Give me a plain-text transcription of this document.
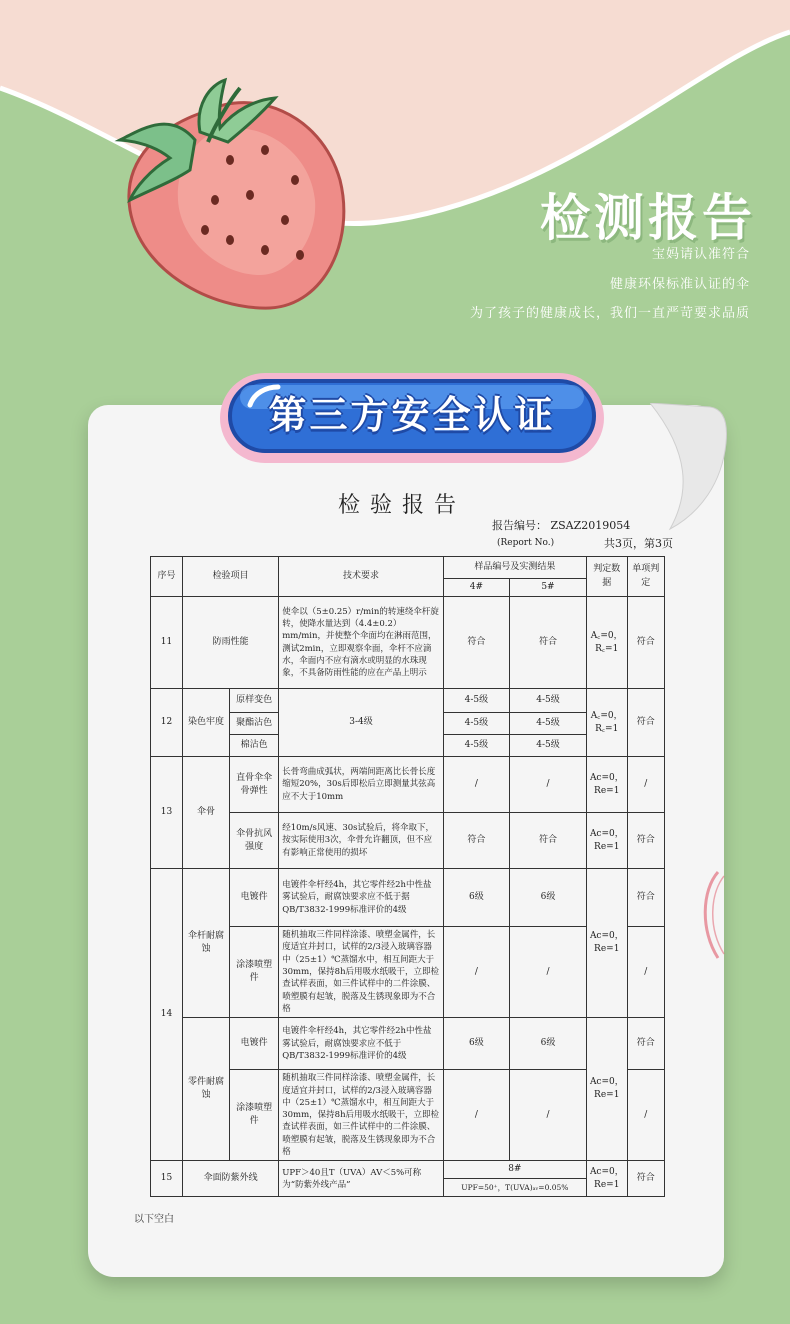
检测报告
宝妈请认准符合
健康环保标准认证的伞
为了孩子的健康成长，我们一直严苛要求品质
第三方安全认证
检验报告
报告编号： ZSAZ2019054
(Report No.)	共3页，第3页
序号	检验项目		技术要求	样品编号及实测结果		判定数据	单项判定
				4#	5#		
11	防雨性能		使伞以（5±0.25）r/min的转速绕伞杆旋转，使降水量达到（4.4±0.2）mm/min，并使整个伞面均在淋雨范围，测试2min，立即观察伞面，伞杆不应滴水，伞面内不应有滴水或明显的水珠现象，不具备防雨性能的应在产品上明示	符合	符合	A꜀=0，R꜀=1	符合
12	染色牢度	原样变色	3-4级	4-5级	4-5级	A꜀=0，R꜀=1	符合
		聚酯沾色		4-5级	4-5级		
		棉沾色		4-5级	4-5级		
13	伞骨	直骨伞伞骨弹性	长骨弯曲成弧状，两端间距离比长骨长度缩短20%，30s后即松后立即测量其弦高应不大于10mm	/	/	Ac=0，Re=1	/
		伞骨抗风强度	经10m/s风速、30s试验后，将伞取下，按实际使用3次，伞骨允许翻顶，但不应有影响正常使用的损坏	符合	符合	Ac=0，Re=1	符合
14	伞杆耐腐蚀	电镀件	电镀件伞杆经4h，其它零件经2h中性盐雾试验后，耐腐蚀要求应不低于据QB/T3832-1999标准评价的4级	6级	6级	Ac=0，Re=1	符合
		涂漆喷塑件	随机抽取三件同样涂漆、喷塑金属件，长度适宜并封口，试样的2/3浸入玻璃容器中（25±1）℃蒸馏水中，相互间距大于30mm，保持8h后用吸水纸吸干，立即检查试样表面，如三件试样中的二件涂膜、喷塑膜有起皱，脱落及生锈现象即为不合格	/	/		/
	零件耐腐蚀	电镀件	电镀件伞杆经4h，其它零件经2h中性盐雾试验后，耐腐蚀要求应不低于QB/T3832-1999标准评价的4级	6级	6级	Ac=0，Re=1	符合
		涂漆喷塑件	随机抽取三件同样涂漆、喷塑金属件，长度适宜并封口，试样的2/3浸入玻璃容器中（25±1）℃蒸馏水中，相互间距大于30mm，保持8h后用吸水纸吸干，立即检查试样表面，如三件试样中的二件涂膜、喷塑膜有起皱，脱落及生锈现象即为不合格	/	/		/
15	伞面防紫外线		UPF＞40且T（UVA）AV＜5%可称为“防紫外线产品”	8#		Ac=0，Re=1	符合
				UPF=50⁺，T(UVA)ₐᵥ=0.05%			
以下空白
